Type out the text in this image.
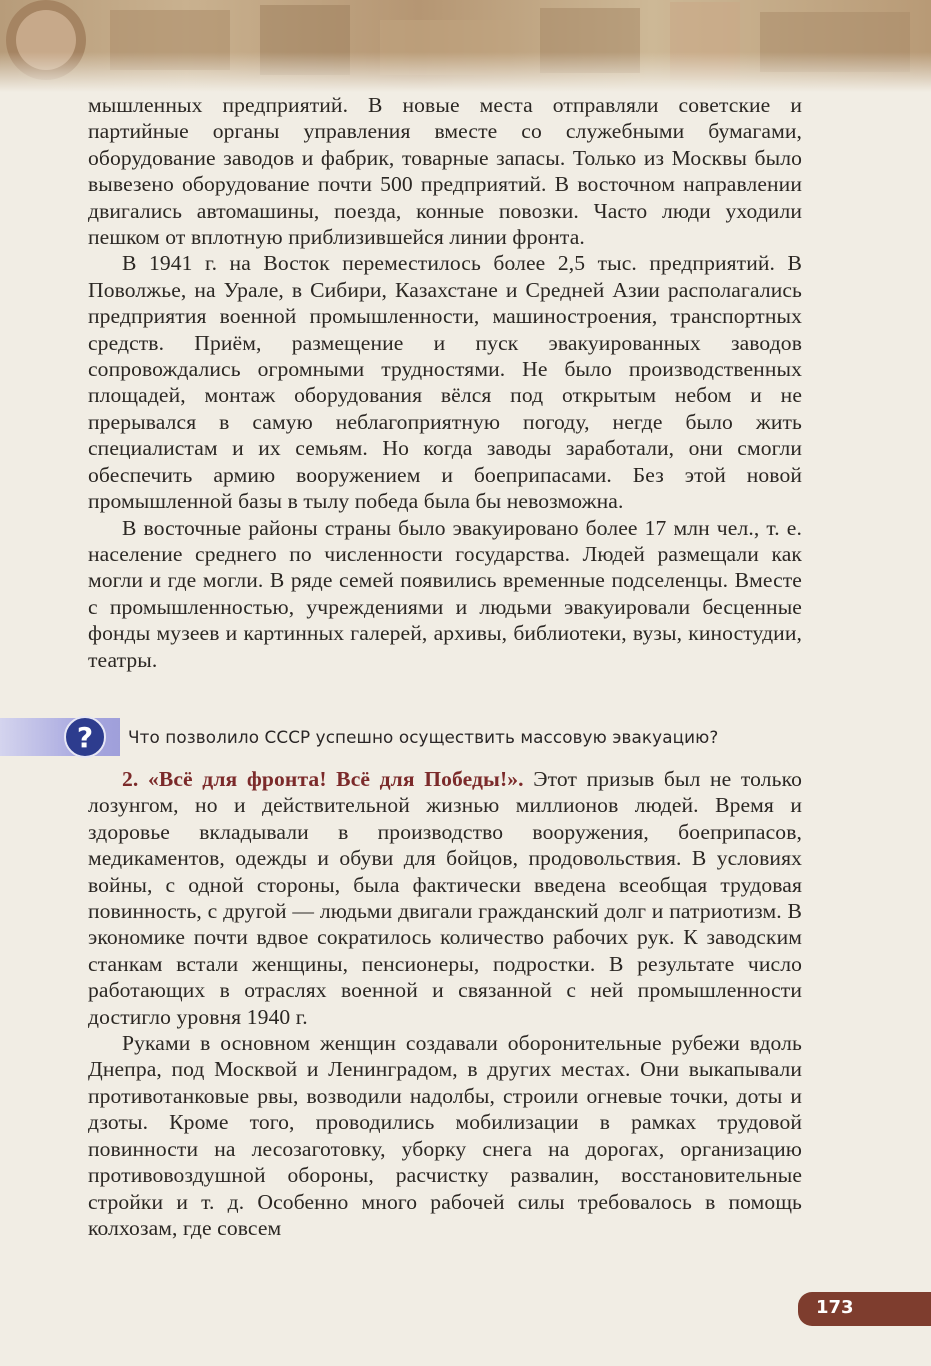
мышленных предприятий. В новые места отправляли советские и партийные органы управления вместе со служебными бумагами, оборудование заводов и фабрик, товарные запасы. Только из Москвы было вывезено оборудование почти 500 предприятий. В восточном направлении двигались автомашины, поезда, конные повозки. Часто люди уходили пешком от вплотную приблизившейся линии фронта.

В 1941 г. на Восток переместилось более 2,5 тыс. предприятий. В Поволжье, на Урале, в Сибири, Казахстане и Средней Азии располагались предприятия военной промышленности, машиностроения, транспортных средств. Приём, размещение и пуск эвакуированных заводов сопровождались огромными трудностями. Не было производственных площадей, монтаж оборудования вёлся под открытым небом и не прерывался в самую неблагоприятную погоду, негде было жить специалистам и их семьям. Но когда заводы заработали, они смогли обеспечить армию вооружением и боеприпасами. Без этой новой промышленной базы в тылу победа была бы невозможна.

В восточные районы страны было эвакуировано более 17 млн чел., т. е. население среднего по численности государства. Людей размещали как могли и где могли. В ряде семей появились временные подселенцы. Вместе с промышленностью, учреждениями и людьми эвакуировали бесценные фонды музеев и картинных галерей, архивы, библиотеки, вузы, киностудии, театры.

? Что позволило СССР успешно осуществить массовую эвакуацию?

2. «Всё для фронта! Всё для Победы!». Этот призыв был не только лозунгом, но и действительной жизнью миллионов людей. Время и здоровье вкладывали в производство вооружения, боеприпасов, медикаментов, одежды и обуви для бойцов, продовольствия. В условиях войны, с одной стороны, была фактически введена всеобщая трудовая повинность, с другой — людьми двигали гражданский долг и патриотизм. В экономике почти вдвое сократилось количество рабочих рук. К заводским станкам встали женщины, пенсионеры, подростки. В результате число работающих в отраслях военной и связанной с ней промышленности достигло уровня 1940 г.

Руками в основном женщин создавали оборонительные рубежи вдоль Днепра, под Москвой и Ленинградом, в других местах. Они выкапывали противотанковые рвы, возводили надолбы, строили огневые точки, доты и дзоты. Кроме того, проводились мобилизации в рамках трудовой повинности на лесозаготовку, уборку снега на дорогах, организацию противовоздушной обороны, расчистку развалин, восстановительные стройки и т. д. Особенно много рабочей силы требовалось в помощь колхозам, где совсем

173
